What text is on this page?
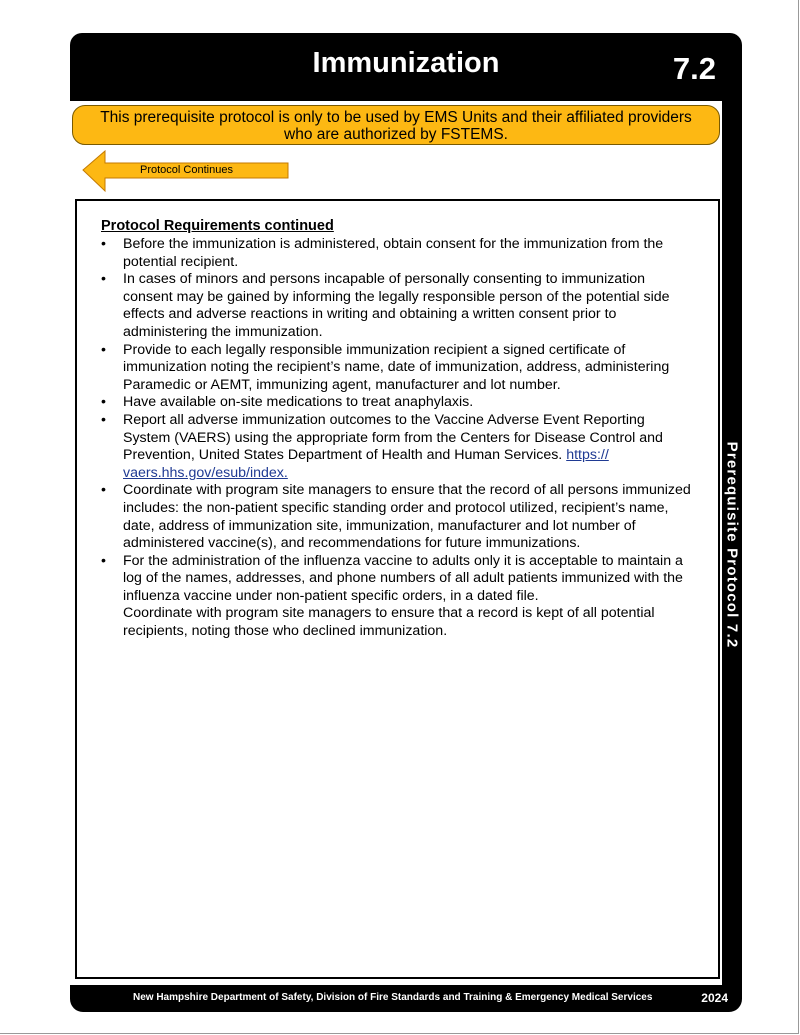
Immunization	7.2
Prerequisite Protocol 7.2
This prerequisite protocol is only to be used by EMS Units and their affiliated providers
who are authorized by FSTEMS.
Protocol Continues
Protocol Requirements continued
• Before the immunization is administered, obtain consent for the immunization from the
potential recipient.
• In cases of minors and persons incapable of personally consenting to immunization
consent may be gained by informing the legally responsible person of the potential side
effects and adverse reactions in writing and obtaining a written consent prior to
administering the immunization.
• Provide to each legally responsible immunization recipient a signed certificate of
immunization noting the recipient’s name, date of immunization, address, administering
Paramedic or AEMT, immunizing agent, manufacturer and lot number.
• Have available on-site medications to treat anaphylaxis.
• Report all adverse immunization outcomes to the Vaccine Adverse Event Reporting
System (VAERS) using the appropriate form from the Centers for Disease Control and
Prevention, United States Department of Health and Human Services. https://
vaers.hhs.gov/esub/index.
• Coordinate with program site managers to ensure that the record of all persons immunized
includes: the non-patient specific standing order and protocol utilized, recipient’s name,
date, address of immunization site, immunization, manufacturer and lot number of
administered vaccine(s), and recommendations for future immunizations.
• For the administration of the influenza vaccine to adults only it is acceptable to maintain a
log of the names, addresses, and phone numbers of all adult patients immunized with the
influenza vaccine under non-patient specific orders, in a dated file.
Coordinate with program site managers to ensure that a record is kept of all potential
recipients, noting those who declined immunization.
New Hampshire Department of Safety, Division of Fire Standards and Training & Emergency Medical Services	2024
